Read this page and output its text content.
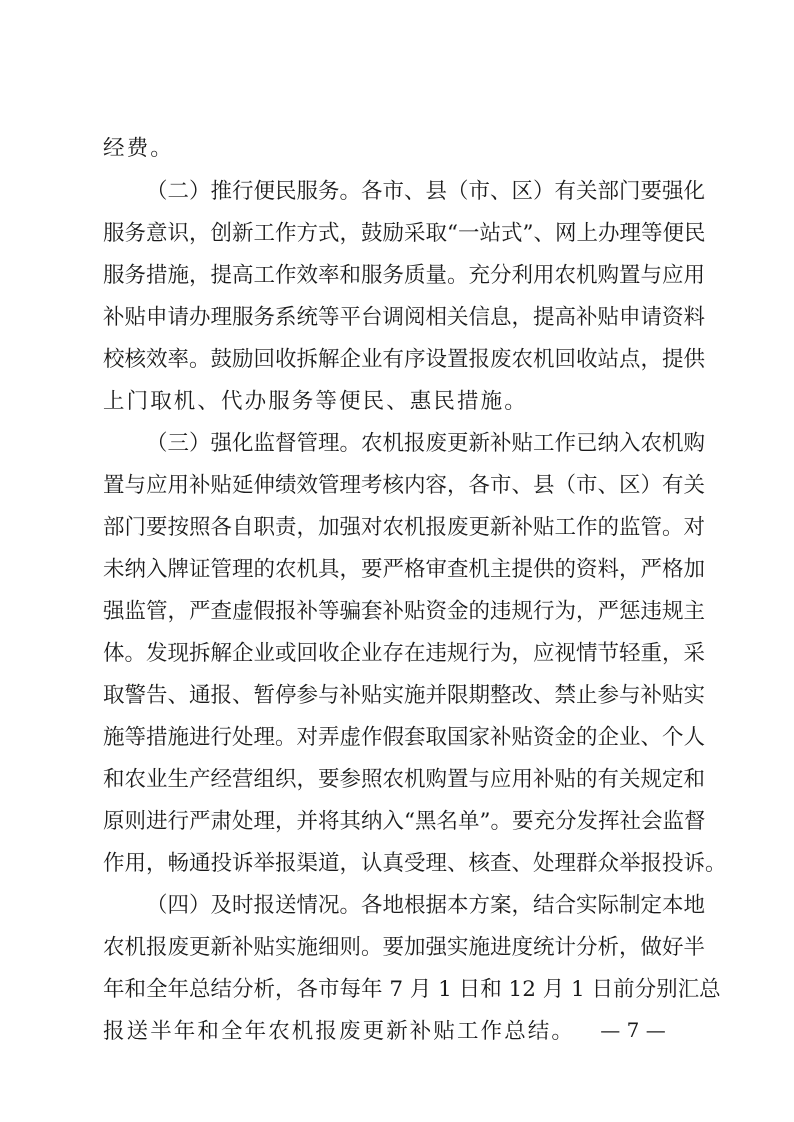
经费。
（二）推行便民服务。各市、县（市、区）有关部门要强化
服务意识，创新工作方式，鼓励采取“一站式”、网上办理等便民
服务措施，提高工作效率和服务质量。充分利用农机购置与应用
补贴申请办理服务系统等平台调阅相关信息，提高补贴申请资料
校核效率。鼓励回收拆解企业有序设置报废农机回收站点，提供
上门取机、代办服务等便民、惠民措施。
（三）强化监督管理。农机报废更新补贴工作已纳入农机购
置与应用补贴延伸绩效管理考核内容，各市、县（市、区）有关
部门要按照各自职责，加强对农机报废更新补贴工作的监管。对
未纳入牌证管理的农机具，要严格审查机主提供的资料，严格加
强监管，严查虚假报补等骗套补贴资金的违规行为，严惩违规主
体。发现拆解企业或回收企业存在违规行为，应视情节轻重，采
取警告、通报、暂停参与补贴实施并限期整改、禁止参与补贴实
施等措施进行处理。对弄虚作假套取国家补贴资金的企业、个人
和农业生产经营组织，要参照农机购置与应用补贴的有关规定和
原则进行严肃处理，并将其纳入“黑名单”。要充分发挥社会监督
作用，畅通投诉举报渠道，认真受理、核查、处理群众举报投诉。
（四）及时报送情况。各地根据本方案，结合实际制定本地
农机报废更新补贴实施细则。要加强实施进度统计分析，做好半
年和全年总结分析，各市每年 7 月 1 日和 12 月 1 日前分别汇总
报送半年和全年农机报废更新补贴工作总结。	— 7 —
